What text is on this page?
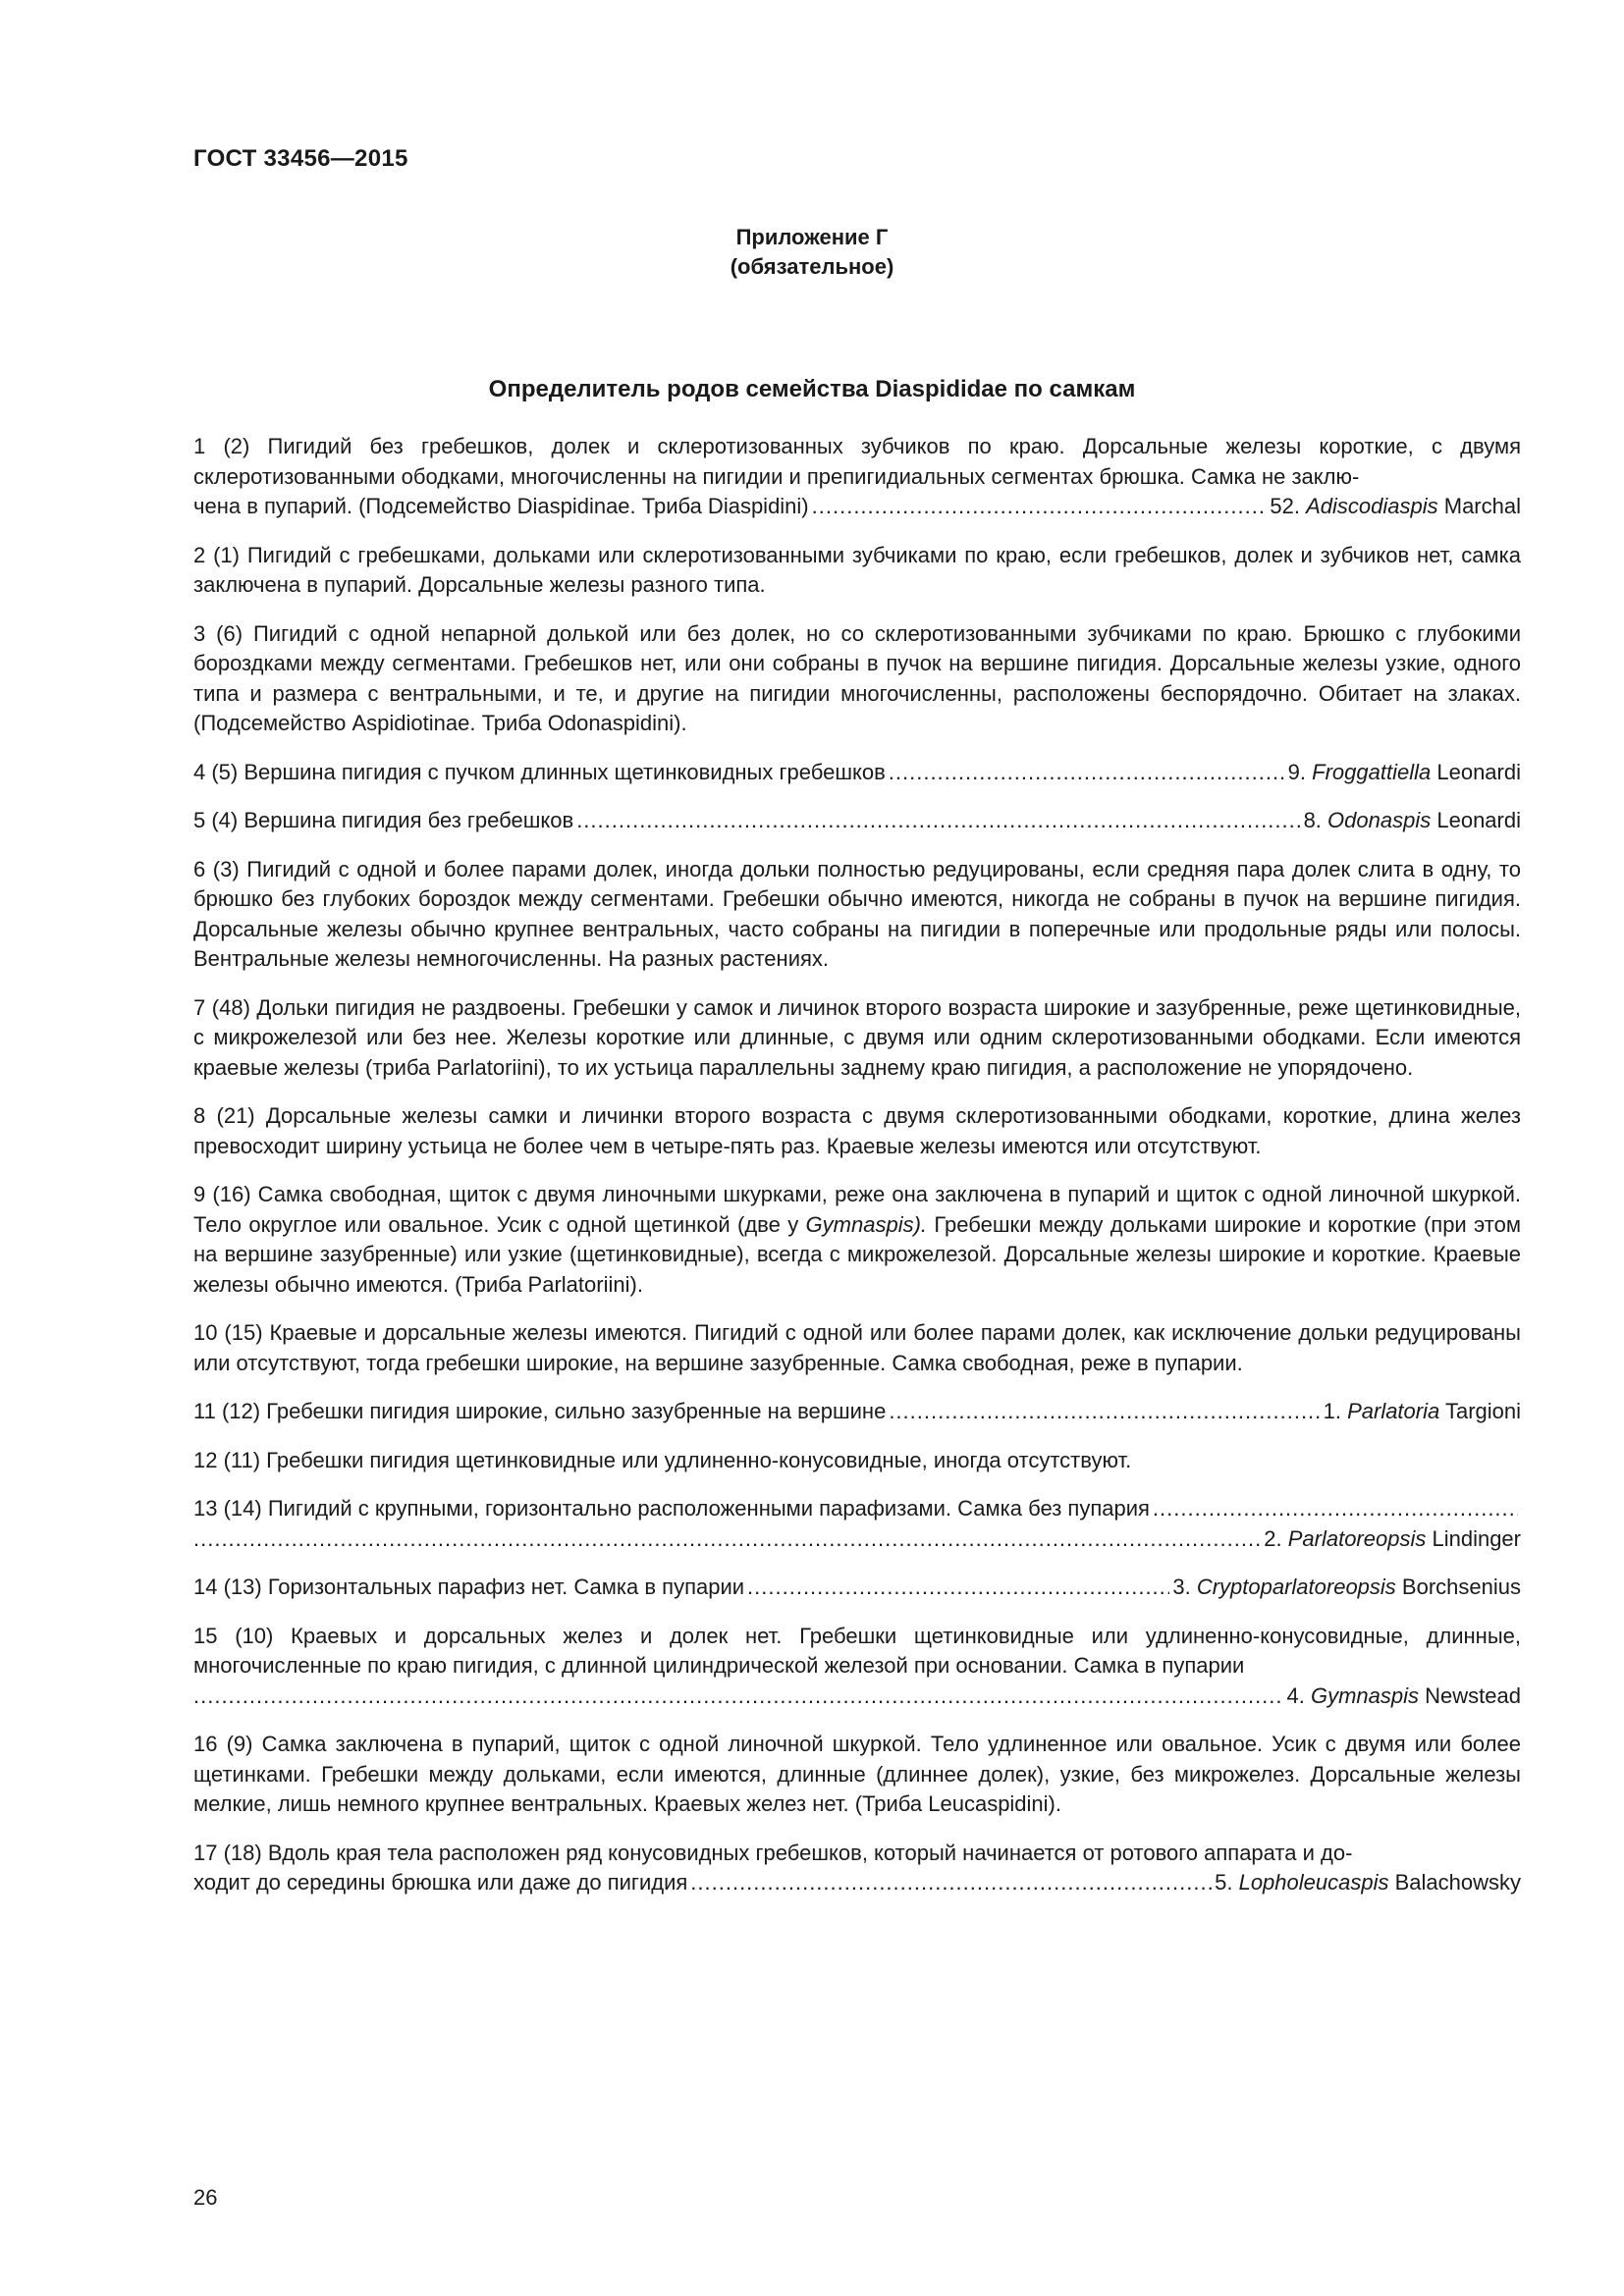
ГОСТ 33456—2015
Приложение Г
(обязательное)
Определитель родов семейства Diaspididae по самкам
1 (2) Пигидий без гребешков, долек и склеротизованных зубчиков по краю. Дорсальные железы короткие, с двумя склеротизованными ободками, многочисленны на пигидии и препигидиальных сегментах брюшка. Самка не заклю-
чена в пупарий. (Подсемейство Diaspidinae. Триба Diaspidini) .....	52. Adiscodiaspis Marchal

2 (1) Пигидий с гребешками, дольками или склеротизованными зубчиками по краю, если гребешков, долек и зубчиков нет, самка заключена в пупарий. Дорсальные железы разного типа.

3 (6) Пигидий с одной непарной долькой или без долек, но со склеротизованными зубчиками по краю. Брюшко с глубокими бороздками между сегментами. Гребешков нет, или они собраны в пучок на вершине пигидия. Дорсальные железы узкие, одного типа и размера с вентральными, и те, и другие на пигидии многочисленны, расположены беспорядочно. Обитает на злаках. (Подсемейство Aspidiotinae. Триба Odonaspidini).

4 (5) Вершина пигидия с пучком длинных щетинковидных гребешков .....	9. Froggattiella Leonardi
5 (4) Вершина пигидия без гребешков .....	8. Odonaspis Leonardi

6 (3) Пигидий с одной и более парами долек, иногда дольки полностью редуцированы, если средняя пара долек слита в одну, то брюшко без глубоких бороздок между сегментами. Гребешки обычно имеются, никогда не собраны в пучок на вершине пигидия. Дорсальные железы обычно крупнее вентральных, часто собраны на пигидии в поперечные или продольные ряды или полосы. Вентральные железы немногочисленны. На разных растениях.

7 (48) Дольки пигидия не раздвоены. Гребешки у самок и личинок второго возраста широкие и зазубренные, реже щетинковидные, с микрожелезой или без нее. Железы короткие или длинные, с двумя или одним склеротизованными ободками. Если имеются краевые железы (триба Parlatoriini), то их устьица параллельны заднему краю пигидия, а расположение не упорядочено.

8 (21) Дорсальные железы самки и личинки второго возраста с двумя склеротизованными ободками, короткие, длина желез превосходит ширину устьица не более чем в четыре-пять раз. Краевые железы имеются или отсутствуют.

9 (16) Самка свободная, щиток с двумя линочными шкурками, реже она заключена в пупарий и щиток с одной линочной шкуркой. Тело округлое или овальное. Усик с одной щетинкой (две у Gymnaspis). Гребешки между дольками широкие и короткие (при этом на вершине зазубренные) или узкие (щетинковидные), всегда с микрожелезой. Дорсальные железы широкие и короткие. Краевые железы обычно имеются. (Триба Parlatoriini).

10 (15) Краевые и дорсальные железы имеются. Пигидий с одной или более парами долек, как исключение дольки редуцированы или отсутствуют, тогда гребешки широкие, на вершине зазубренные. Самка свободная, реже в пупарии.

11 (12) Гребешки пигидия широкие, сильно зазубренные на вершине .....	1. Parlatoria Targioni

12 (11) Гребешки пигидия щетинковидные или удлиненно-конусовидные, иногда отсутствуют.

13 (14) Пигидий с крупными, горизонтально расположенными парафизами. Самка без пупария
.....
.....
2. Parlatoreopsis Lindinger
14 (13) Горизонтальных парафиз нет. Самка в пупарии .....	3. Cryptoparlatoreopsis Borchsenius
15 (10) Краевых и дорсальных желез и долек нет. Гребешки щетинковидные или удлиненно-конусовидные, длинные, многочисленные по краю пигидия, с длинной цилиндрической железой при основании. Самка в пупарии
.....
4. Gymnaspis Newstead

16 (9) Самка заключена в пупарий, щиток с одной линочной шкуркой. Тело удлиненное или овальное. Усик с двумя или более щетинками. Гребешки между дольками, если имеются, длинные (длиннее долек), узкие, без микрожелез. Дорсальные железы мелкие, лишь немного крупнее вентральных. Краевых желез нет. (Триба Leucaspidini).

17 (18) Вдоль края тела расположен ряд конусовидных гребешков, который начинается от ротового аппарата и до-
ходит до середины брюшка или даже до пигидия .....	5. Lopholeucaspis Balachowsky
26
